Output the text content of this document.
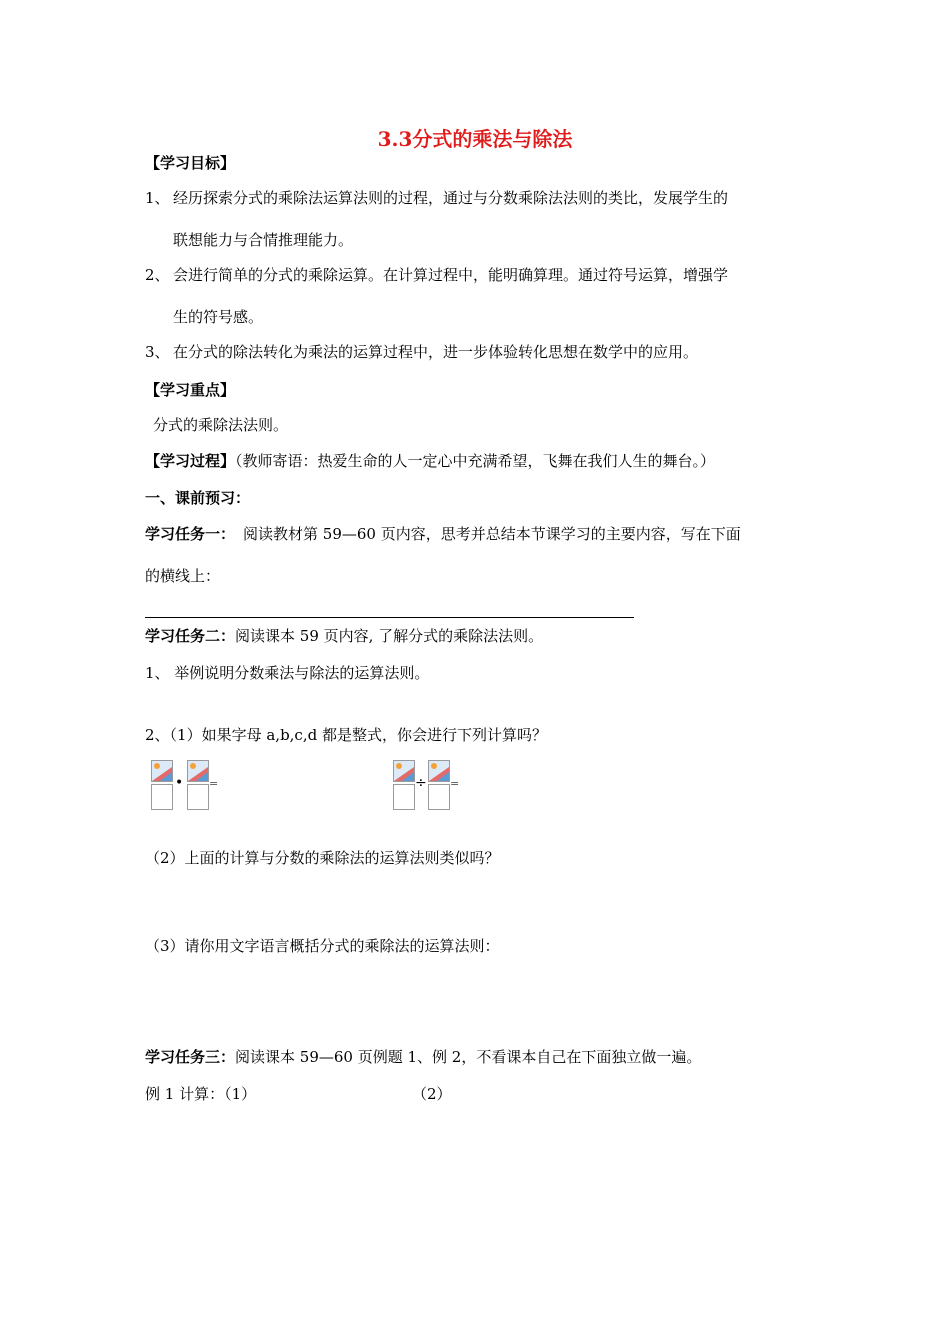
3.3分式的乘法与除法
【学习目标】
1、 经历探索分式的乘除法运算法则的过程，通过与分数乘除法法则的类比，发展学生的
联想能力与合情推理能力。
2、 会进行简单的分式的乘除运算。在计算过程中，能明确算理。通过符号运算，增强学
生的符号感。
3、 在分式的除法转化为乘法的运算过程中，进一步体验转化思想在数学中的应用。
【学习重点】
分式的乘除法法则。
【学习过程】（教师寄语：热爱生命的人一定心中充满希望，飞舞在我们人生的舞台。）
一、课前预习：
学习任务一： 阅读教材第 59—60 页内容，思考并总结本节课学习的主要内容，写在下面
的横线上：
学习任务二：阅读课本 59 页内容, 了解分式的乘除法法则。
1、 举例说明分数乘法与除法的运算法则。
2、（1）如果字母 a,b,c,d 都是整式，你会进行下列计算吗？
• =	÷ =
（2）上面的计算与分数的乘除法的运算法则类似吗？
（3）请你用文字语言概括分式的乘除法的运算法则：
学习任务三：阅读课本 59—60 页例题 1、例 2，不看课本自己在下面独立做一遍。
例 1 计算：（1）	（2）
